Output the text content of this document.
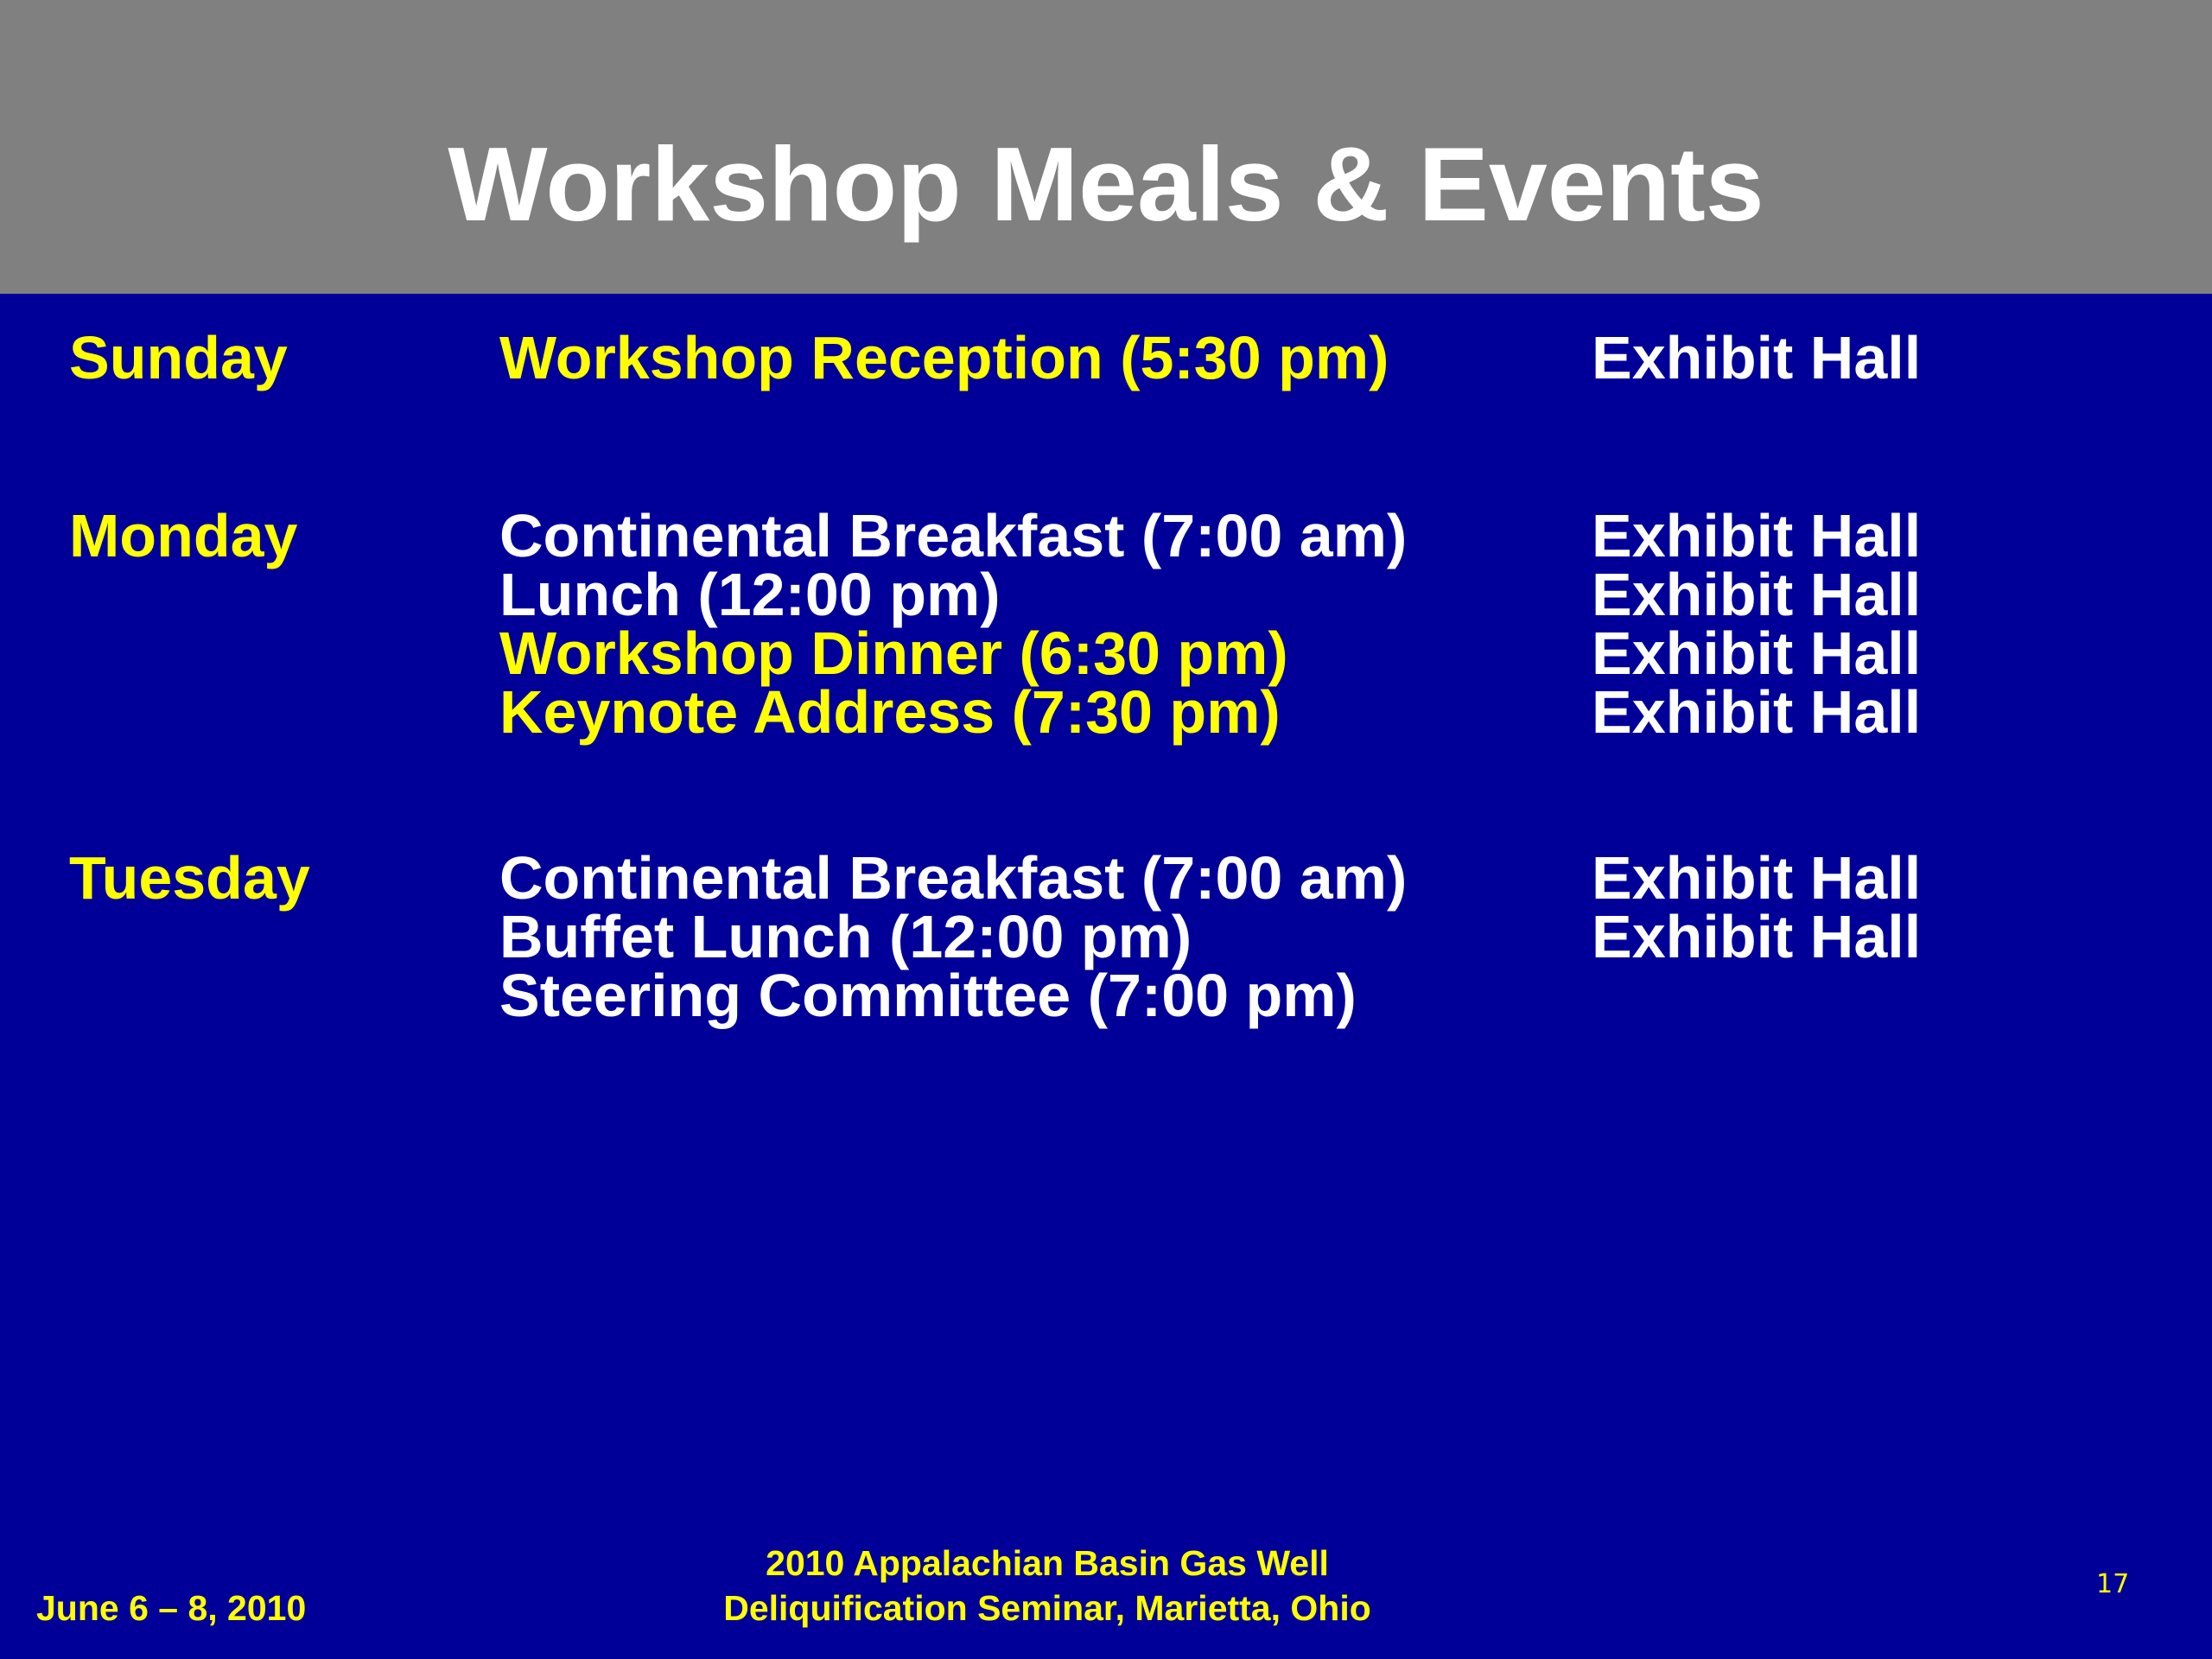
Workshop Meals & Events
Sunday	Workshop Reception (5:30 pm)	Exhibit Hall
Monday	Continental Breakfast (7:00 am)	Exhibit Hall
Lunch (12:00 pm)	Exhibit Hall
Workshop Dinner (6:30 pm)	Exhibit Hall
Keynote Address (7:30 pm)	Exhibit Hall
Tuesday	Continental Breakfast (7:00 am)	Exhibit Hall
Buffet Lunch (12:00 pm)	Exhibit Hall
Steering Committee (7:00 pm)
June 6 – 8, 2010
2010 Appalachian Basin Gas Well
Deliquification Seminar, Marietta, Ohio
17
